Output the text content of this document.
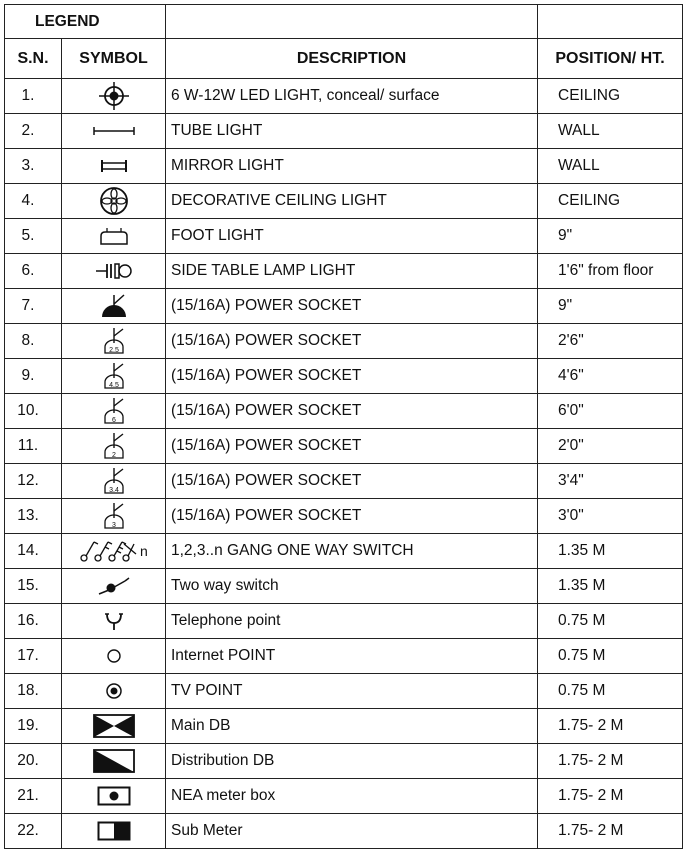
LEGEND			
S.N.	SYMBOL	DESCRIPTION	POSITION/ HT.
1.		6 W-12W LED LIGHT, conceal/ surface	CEILING
2.		TUBE LIGHT	WALL
3.		MIRROR LIGHT	WALL
4.		DECORATIVE CEILING LIGHT	CEILING
5.		FOOT LIGHT	9"
6.		SIDE TABLE LAMP LIGHT	1'6" from floor
7.		(15/16A) POWER SOCKET	9"
8.	2.5	(15/16A) POWER SOCKET	2'6"
9.	4.5	(15/16A) POWER SOCKET	4'6"
10.	6	(15/16A) POWER SOCKET	6'0"
11.	2	(15/16A) POWER SOCKET	2'0"
12.	3.4	(15/16A) POWER SOCKET	3'4"
13.	3	(15/16A) POWER SOCKET	3'0"
14.	n	1,2,3..n GANG ONE WAY SWITCH	1.35 M
15.		Two way switch	1.35 M
16.		Telephone point	0.75 M
17.		Internet POINT	0.75 M
18.		TV POINT	0.75 M
19.		Main DB	1.75- 2 M
20.		Distribution DB	1.75- 2 M
21.		NEA meter box	1.75- 2 M
22.		Sub Meter	1.75- 2 M
